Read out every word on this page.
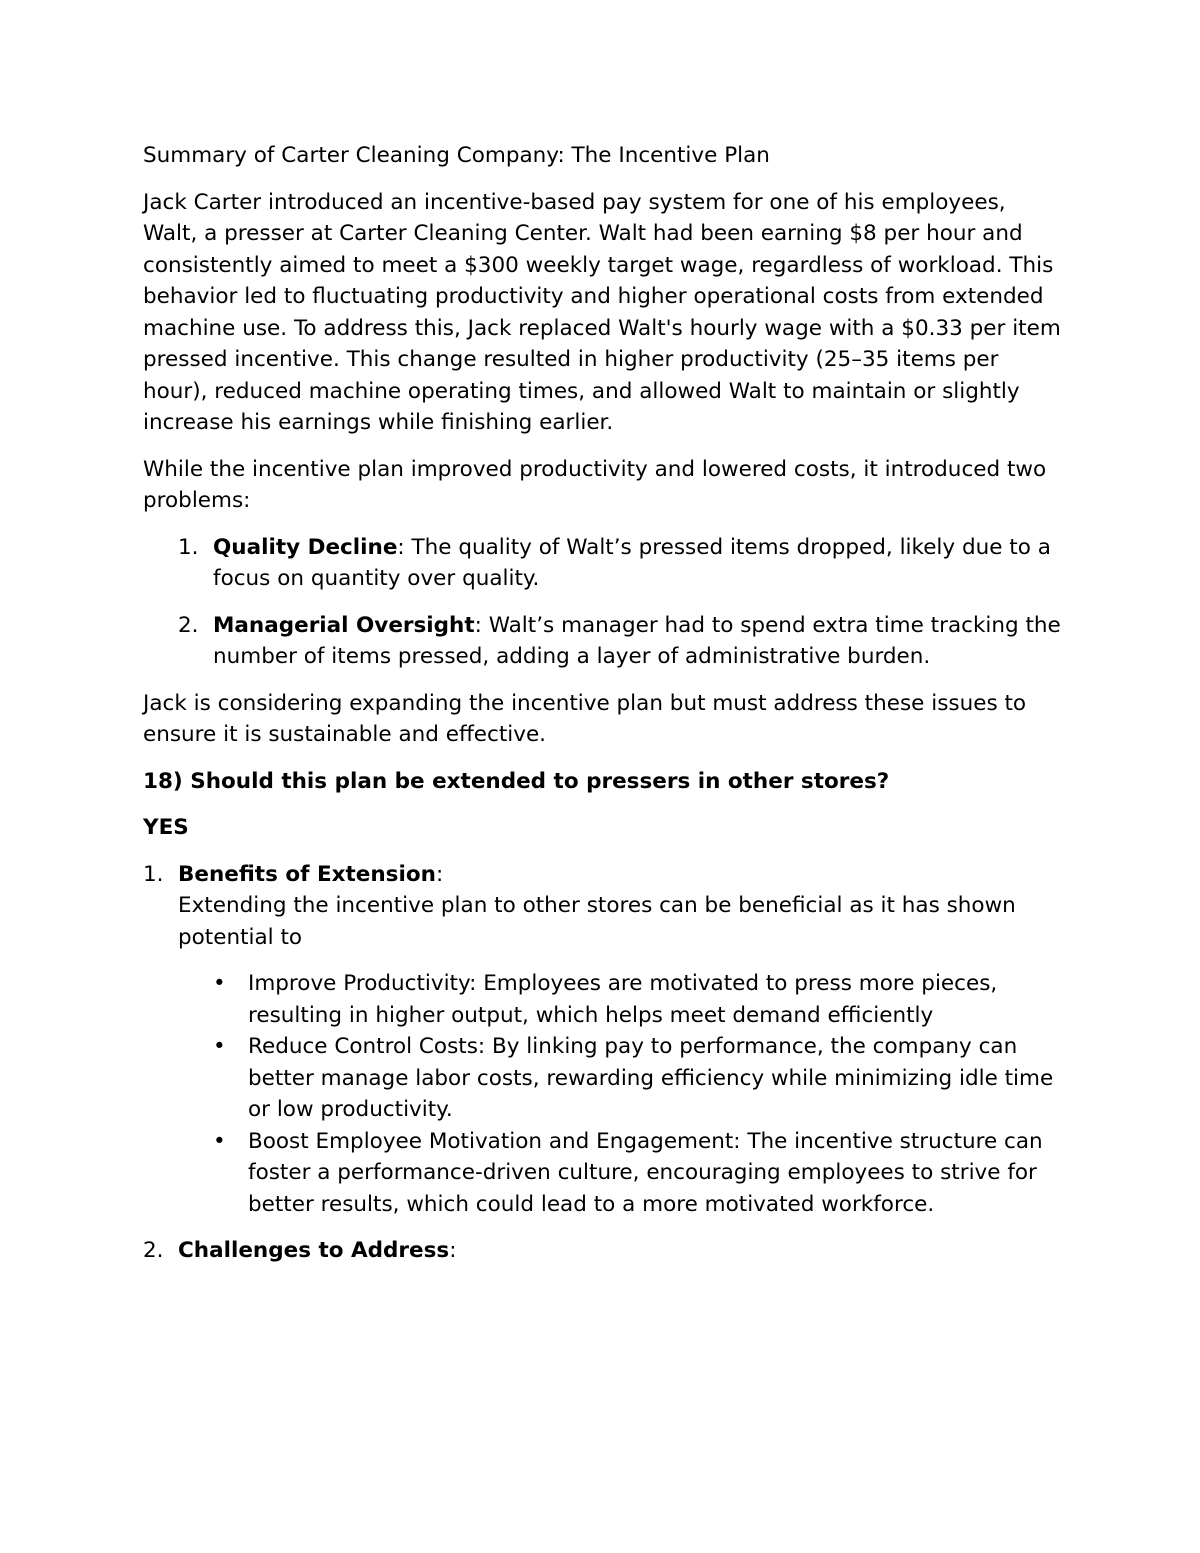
Summary of Carter Cleaning Company: The Incentive Plan

Jack Carter introduced an incentive-based pay system for one of his employees, Walt, a presser at Carter Cleaning Center. Walt had been earning $8 per hour and consistently aimed to meet a $300 weekly target wage, regardless of workload. This behavior led to fluctuating productivity and higher operational costs from extended machine use. To address this, Jack replaced Walt's hourly wage with a $0.33 per item pressed incentive. This change resulted in higher productivity (25–35 items per hour), reduced machine operating times, and allowed Walt to maintain or slightly increase his earnings while finishing earlier.

While the incentive plan improved productivity and lowered costs, it introduced two problems:

1. Quality Decline: The quality of Walt’s pressed items dropped, likely due to a focus on quantity over quality.
2. Managerial Oversight: Walt’s manager had to spend extra time tracking the number of items pressed, adding a layer of administrative burden.

Jack is considering expanding the incentive plan but must address these issues to ensure it is sustainable and effective.

18) Should this plan be extended to pressers in other stores?

YES

1. Benefits of Extension:
Extending the incentive plan to other stores can be beneficial as it has shown potential to

• Improve Productivity: Employees are motivated to press more pieces, resulting in higher output, which helps meet demand efficiently
• Reduce Control Costs: By linking pay to performance, the company can better manage labor costs, rewarding efficiency while minimizing idle time or low productivity.
• Boost Employee Motivation and Engagement: The incentive structure can foster a performance-driven culture, encouraging employees to strive for better results, which could lead to a more motivated workforce.
2. Challenges to Address:
